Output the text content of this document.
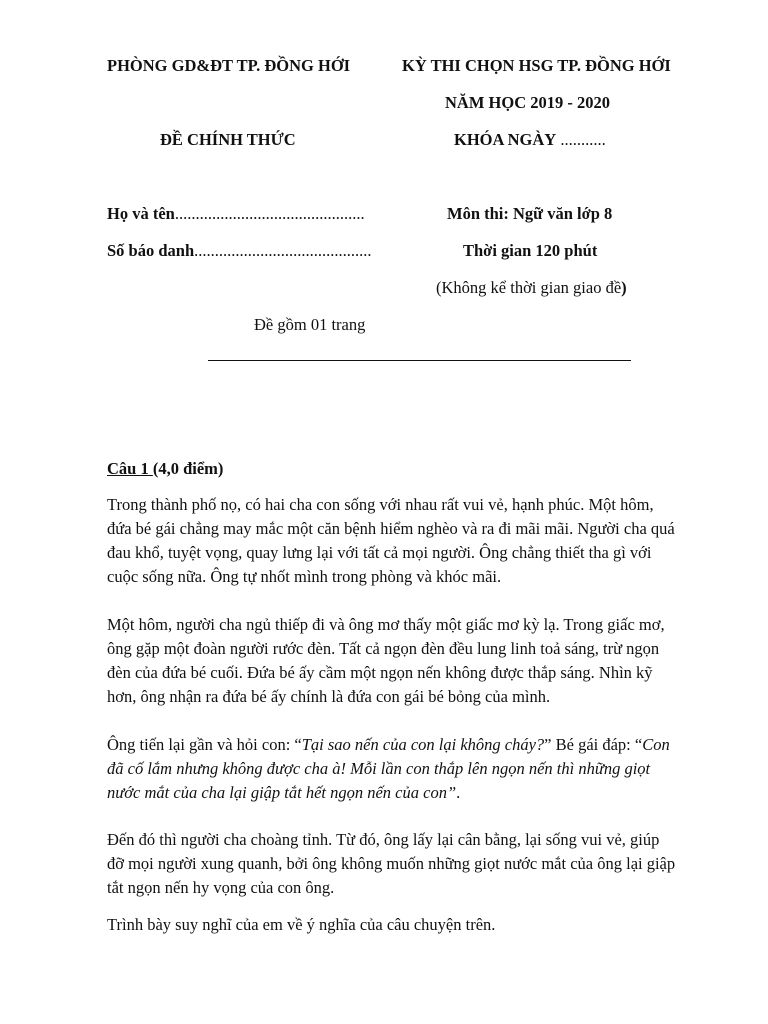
PHÒNG GD&ĐT TP. ĐỒNG HỚI	KỲ THI CHỌN HSG TP. ĐỒNG HỚI
NĂM HỌC 2019 - 2020
ĐỀ CHÍNH THỨC	KHÓA NGÀY ...........
Họ và tên..............................................
Số báo danh...........................................
Môn thi: Ngữ văn lớp 8
Thời gian 120 phút
(Không kể thời gian giao đề)
Đề gồm 01 trang
Câu 1 (4,0 điểm)
Trong thành phố nọ, có hai cha con sống với nhau rất vui vẻ, hạnh phúc. Một hôm,
đứa bé gái chẳng may mắc một căn bệnh hiểm nghèo và ra đi mãi mãi. Người cha quá
đau khổ, tuyệt vọng, quay lưng lại với tất cả mọi người. Ông chẳng thiết tha gì với
cuộc sống nữa. Ông tự nhốt mình trong phòng và khóc mãi.
Một hôm, người cha ngủ thiếp đi và ông mơ thấy một giấc mơ kỳ lạ. Trong giấc mơ,
ông gặp một đoàn người rước đèn. Tất cả ngọn đèn đều lung linh toả sáng, trừ ngọn
đèn của đứa bé cuối. Đứa bé ấy cầm một ngọn nến không được thắp sáng. Nhìn kỹ
hơn, ông nhận ra đứa bé ấy chính là đứa con gái bé bỏng của mình.
Ông tiến lại gần và hỏi con: “Tại sao nến của con lại không cháy?” Bé gái đáp: “Con
đã cố lắm nhưng không được cha à! Mỗi lần con thắp lên ngọn nến thì những giọt
nước mắt của cha lại giập tắt hết ngọn nến của con”.
Đến đó thì người cha choàng tỉnh. Từ đó, ông lấy lại cân bằng, lại sống vui vẻ, giúp
đỡ mọi người xung quanh, bởi ông không muốn những giọt nước mắt của ông lại giập
tắt ngọn nến hy vọng của con ông.
Trình bày suy nghĩ của em về ý nghĩa của câu chuyện trên.
